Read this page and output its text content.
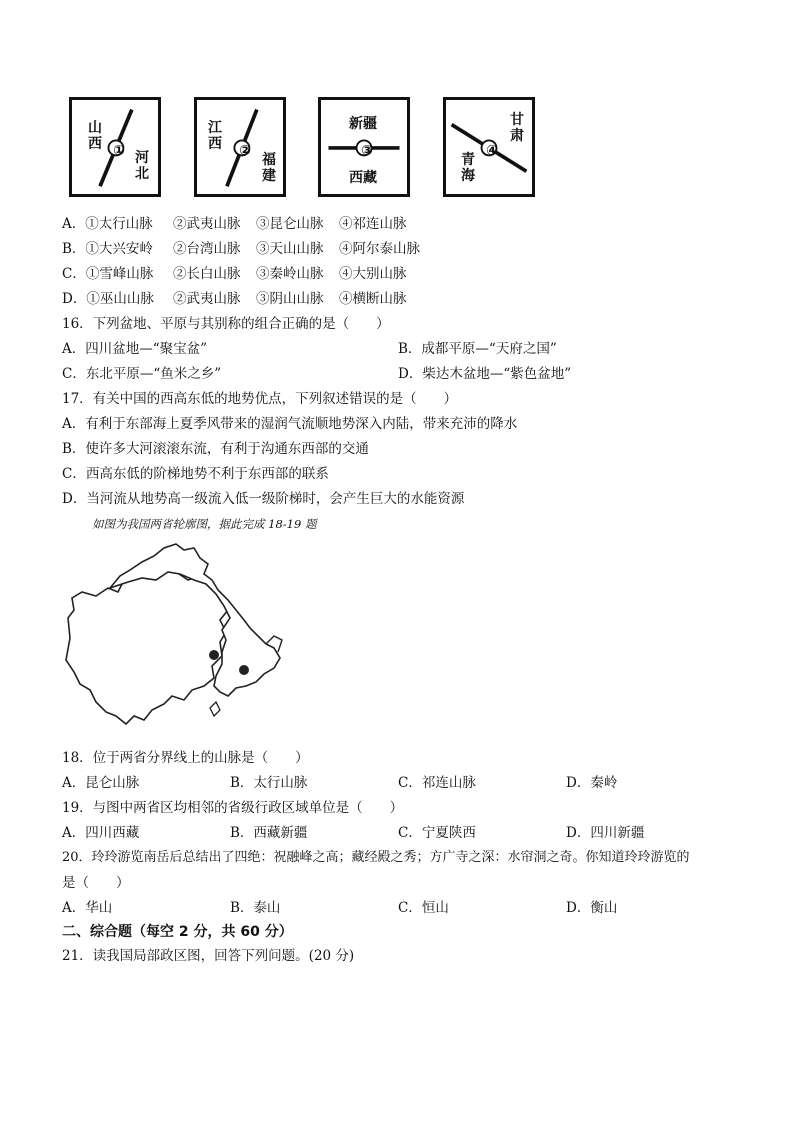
①
山西
河北
②
江西
福建
③
新疆
西藏
④
甘肃
青海
A．①太行山脉 ②武夷山脉 ③昆仑山脉 ④祁连山脉
B．①大兴安岭 ②台湾山脉 ③天山山脉 ④阿尔泰山脉
C．①雪峰山脉 ②长白山脉 ③秦岭山脉 ④大别山脉
D．①巫山山脉 ②武夷山脉 ③阴山山脉 ④横断山脉
16．下列盆地、平原与其别称的组合正确的是（　　）
A．四川盆地—“聚宝盆”	B．成都平原—“天府之国”
C．东北平原—“鱼米之乡”	D．柴达木盆地—“紫色盆地”
17．有关中国的西高东低的地势优点，下列叙述错误的是（　　）
A．有利于东部海上夏季风带来的湿润气流顺地势深入内陆，带来充沛的降水
B．使许多大河滚滚东流，有利于沟通东西部的交通
C．西高东低的阶梯地势不利于东西部的联系
D．当河流从地势高一级流入低一级阶梯时，会产生巨大的水能资源
如图为我国两省轮廓图，据此完成 18-19 题
18．位于两省分界线上的山脉是（　　）
A．昆仑山脉	B．太行山脉	C．祁连山脉	D．秦岭
19．与图中两省区均相邻的省级行政区域单位是（　　）
A．四川西藏	B．西藏新疆	C．宁夏陕西	D．四川新疆
20．玲玲游览南岳后总结出了四绝：祝融峰之高；藏经殿之秀；方广寺之深：水帘洞之奇。你知道玲玲游览的
是（　　）
A．华山	B．泰山	C．恒山	D．衡山
二、综合题（每空 2 分，共 60 分）
21．读我国局部政区图，回答下列问题。(20 分)
